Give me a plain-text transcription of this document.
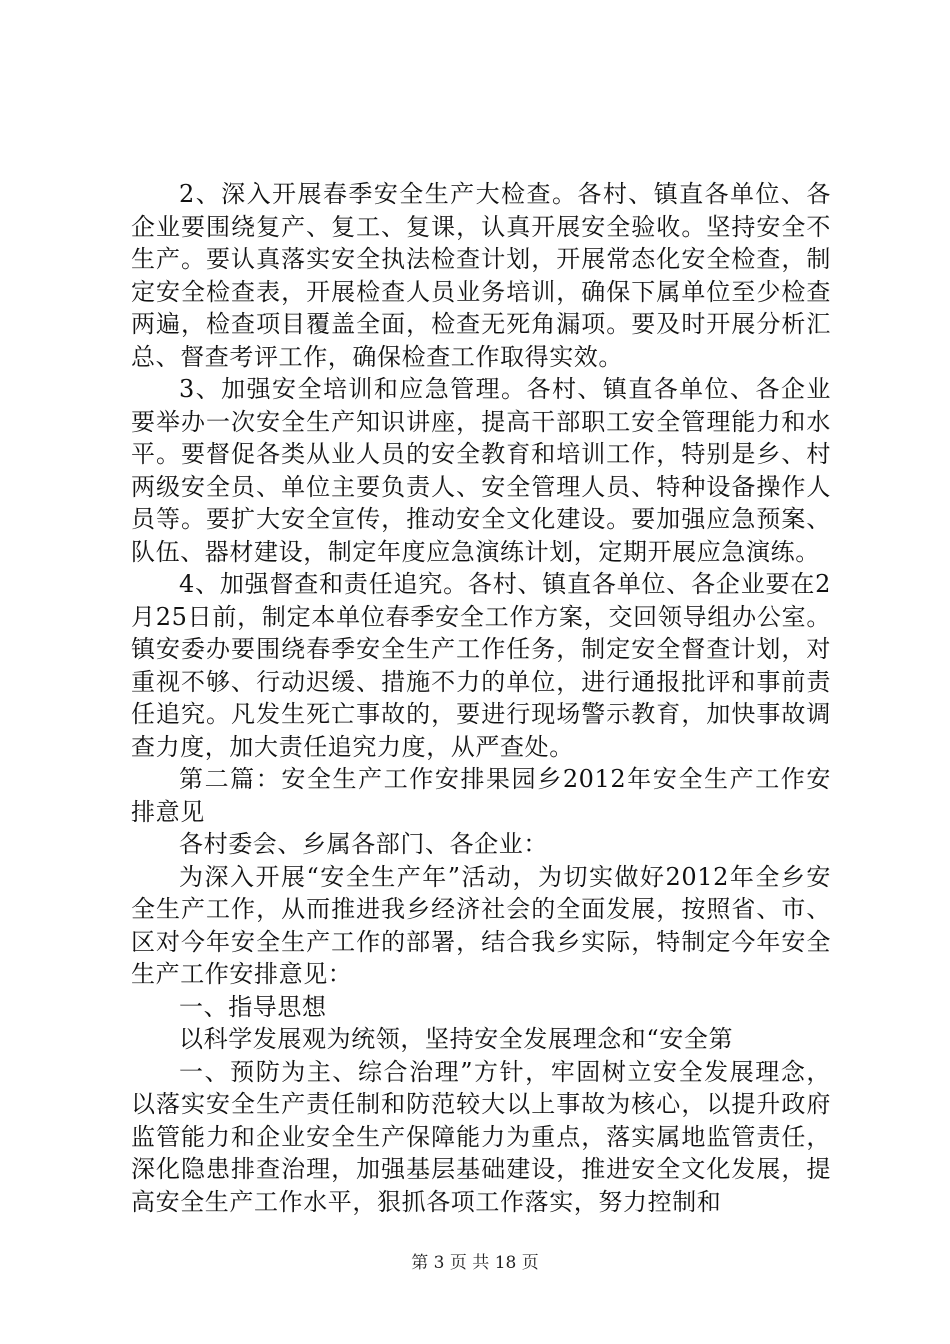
2、深入开展春季安全生产大检查。各村、镇直各单位、各企业要围绕复产、复工、复课，认真开展安全验收。坚持安全不生产。要认真落实安全执法检查计划，开展常态化安全检查，制定安全检查表，开展检查人员业务培训，确保下属单位至少检查两遍，检查项目覆盖全面，检查无死角漏项。要及时开展分析汇总、督查考评工作，确保检查工作取得实效。

3、加强安全培训和应急管理。各村、镇直各单位、各企业要举办一次安全生产知识讲座，提高干部职工安全管理能力和水平。要督促各类从业人员的安全教育和培训工作，特别是乡、村两级安全员、单位主要负责人、安全管理人员、特种设备操作人员等。要扩大安全宣传，推动安全文化建设。要加强应急预案、队伍、器材建设，制定年度应急演练计划，定期开展应急演练。

4、加强督查和责任追究。各村、镇直各单位、各企业要在2月25日前，制定本单位春季安全工作方案，交回领导组办公室。镇安委办要围绕春季安全生产工作任务，制定安全督查计划，对重视不够、行动迟缓、措施不力的单位，进行通报批评和事前责任追究。凡发生死亡事故的，要进行现场警示教育，加快事故调查力度，加大责任追究力度，从严查处。

第二篇：安全生产工作安排果园乡2012年安全生产工作安排意见

各村委会、乡属各部门、各企业：

为深入开展“安全生产年”活动，为切实做好2012年全乡安全生产工作，从而推进我乡经济社会的全面发展，按照省、市、区对今年安全生产工作的部署，结合我乡实际，特制定今年安全生产工作安排意见：

一、指导思想

以科学发展观为统领，坚持安全发展理念和“安全第

一、预防为主、综合治理”方针，牢固树立安全发展理念，以落实安全生产责任制和防范较大以上事故为核心，以提升政府监管能力和企业安全生产保障能力为重点，落实属地监管责任，深化隐患排查治理，加强基层基础建设，推进安全文化发展，提高安全生产工作水平，狠抓各项工作落实，努力控制和

第 3 页 共 18 页
